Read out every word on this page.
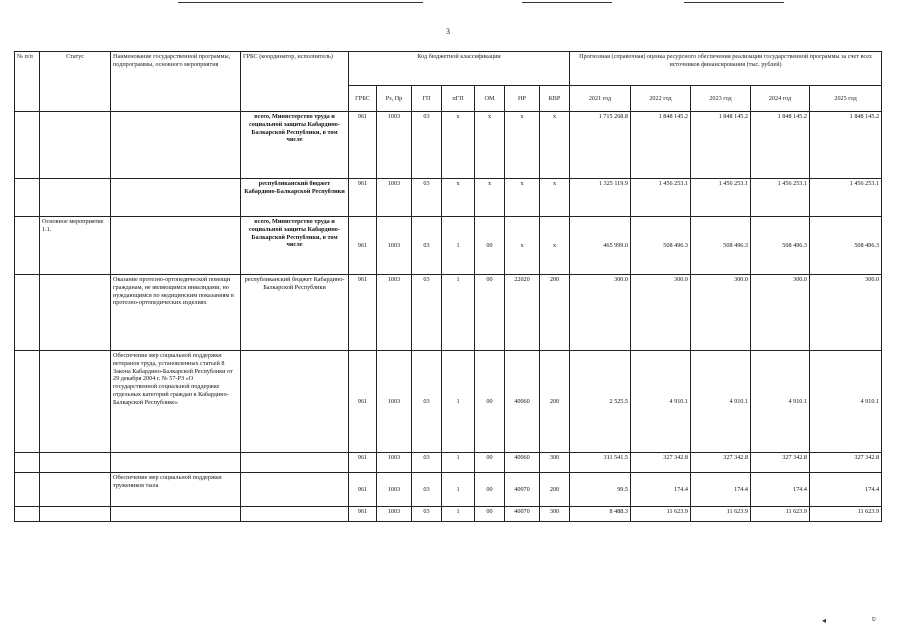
3
№ п/п	Статус	Наименование государственной программы, подпрограммы, основного мероприятия	ГРБС (координатор, исполнитель)	Код бюджетной классификации							Прогнозная (справочная) оценка ресурсного обеспечения реализации государственной программы за счет всех источников финансирования (тыс. рублей)				
				ГРБС	Рз, Пр	ГП	пГП	ОМ	НР	КВР	2021 год	2022 год	2023 год	2024 год	2025 год
			всего, Министерство труда и социальной защиты Кабардино-Балкарской Республики, в том числе	961	1003	03	х	х	х	х	1 715 268.8	1 848 145.2	1 848 145.2	1 848 145.2	1 848 145.2
			республиканский бюджет Кабардино-Балкарской Республики	961	1003	03	х	х	х	х	1 325 119.9	1 456 253.1	1 456 253.1	1 456 253.1	1 456 253.1
	Основное мероприятие 1.1.		всего, Министерство труда и социальной защиты Кабардино-Балкарской Республики, в том числе	961	1003	03	1	00	х	х	465 999.0	508 496.3	508 496.3	508 496.3	508 496.3
		Оказание протезно-ортопедической помощи гражданам, не являющимся инвалидами, но нуждающимся по медицинским показаниям в протезно-ортопедических изделиях	республиканский бюджет Кабардино-Балкарской Республики	961	1003	03	1	00	22020	200	300.0	300.0	300.0	300.0	300.0
		Обеспечение мер социальной поддержки ветеранов труда, установленных статьей 8 Закона Кабардино-Балкарской Республики от 29 декабря 2004 г. № 57-РЗ «О государственной социальной поддержке отдельных категорий граждан в Кабардино-Балкарской Республике»		961	1003	03	1	00	40060	200	2 525.5	4 910.1	4 910.1	4 910.1	4 910.1
				961	1003	03	1	00	40060	300	311 541.5	327 342.8	327 342.8	327 342.8	327 342.8
		Обеспечение мер социальной поддержки тружеников тыла		961	1003	03	1	00	40070	200	99.5	174.4	174.4	174.4	174.4
				961	1003	03	1	00	40070	300	8 488.3	11 623.9	11 623.9	11 623.9	11 623.9
◂	ʋ
